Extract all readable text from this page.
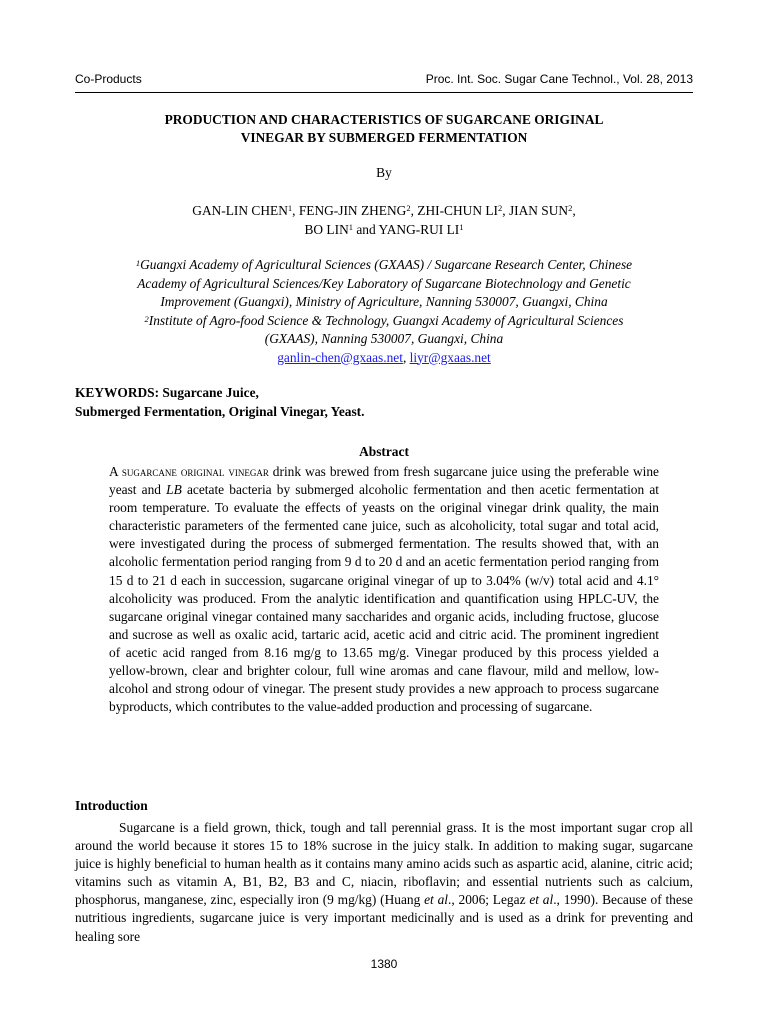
Co-Products	Proc. Int. Soc. Sugar Cane Technol., Vol. 28, 2013
PRODUCTION AND CHARACTERISTICS OF SUGARCANE ORIGINAL
VINEGAR BY SUBMERGED FERMENTATION
By
GAN-LIN CHEN$^1$, FENG-JIN ZHENG$^2$, ZHI-CHUN $LI^2$, JIAN SUN$^2$,
BO LIN$^1$ and YANG-RUI $LI^1$
$^1$Guangxi Academy of Agricultural Sciences (GXAAS) / Sugarcane Research Center, Chinese
Academy of Agricultural Sciences/Key Laboratory of Sugarcane Biotechnology and Genetic
Improvement (Guangxi), Ministry of Agriculture, Nanning 530007, Guangxi, China
$^2$Institute of Agro-food Science & Technology, Guangxi Academy of Agricultural Sciences
(GXAAS), Nanning 530007, Guangxi, China
ganlin-chen@gxaas.net, liyr@gxaas.net
KEYWORDS: Sugarcane Juice,
Submerged Fermentation, Original Vinegar, Yeast.
Abstract
A sugarcane original vinegar drink was brewed from fresh sugarcane juice using the preferable wine yeast and LB acetate bacteria by submerged alcoholic fermentation and then acetic fermentation at room temperature. To evaluate the effects of yeasts on the original vinegar drink quality, the main characteristic parameters of the fermented cane juice, such as alcoholicity, total sugar and total acid, were investigated during the process of submerged fermentation. The results showed that, with an alcoholic fermentation period ranging from 9 d to 20 d and an acetic fermentation period ranging from 15 d to 21 d each in succession, sugarcane original vinegar of up to 3.04% (w/v) total acid and 4.1° alcoholicity was produced. From the analytic identification and quantification using HPLC-UV, the sugarcane original vinegar contained many saccharides and organic acids, including fructose, glucose and sucrose as well as oxalic acid, tartaric acid, acetic acid and citric acid. The prominent ingredient of acetic acid ranged from 8.16 mg/g to 13.65 mg/g. Vinegar produced by this process yielded a yellow-brown, clear and brighter colour, full wine aromas and cane flavour, mild and mellow, low-alcohol and strong odour of vinegar. The present study provides a new approach to process sugarcane byproducts, which contributes to the value-added production and processing of sugarcane.
Introduction
Sugarcane is a field grown, thick, tough and tall perennial grass. It is the most important sugar crop all around the world because it stores 15 to 18% sucrose in the juicy stalk. In addition to making sugar, sugarcane juice is highly beneficial to human health as it contains many amino acids such as aspartic acid, alanine, citric acid; vitamins such as vitamin A, B1, B2, B3 and C, niacin, riboflavin; and essential nutrients such as calcium, phosphorus, manganese, zinc, especially iron (9 mg/kg) (Huang et al., 2006; Legaz et al., 1990). Because of these nutritious ingredients, sugarcane juice is very important medicinally and is used as a drink for preventing and healing sore
1380
